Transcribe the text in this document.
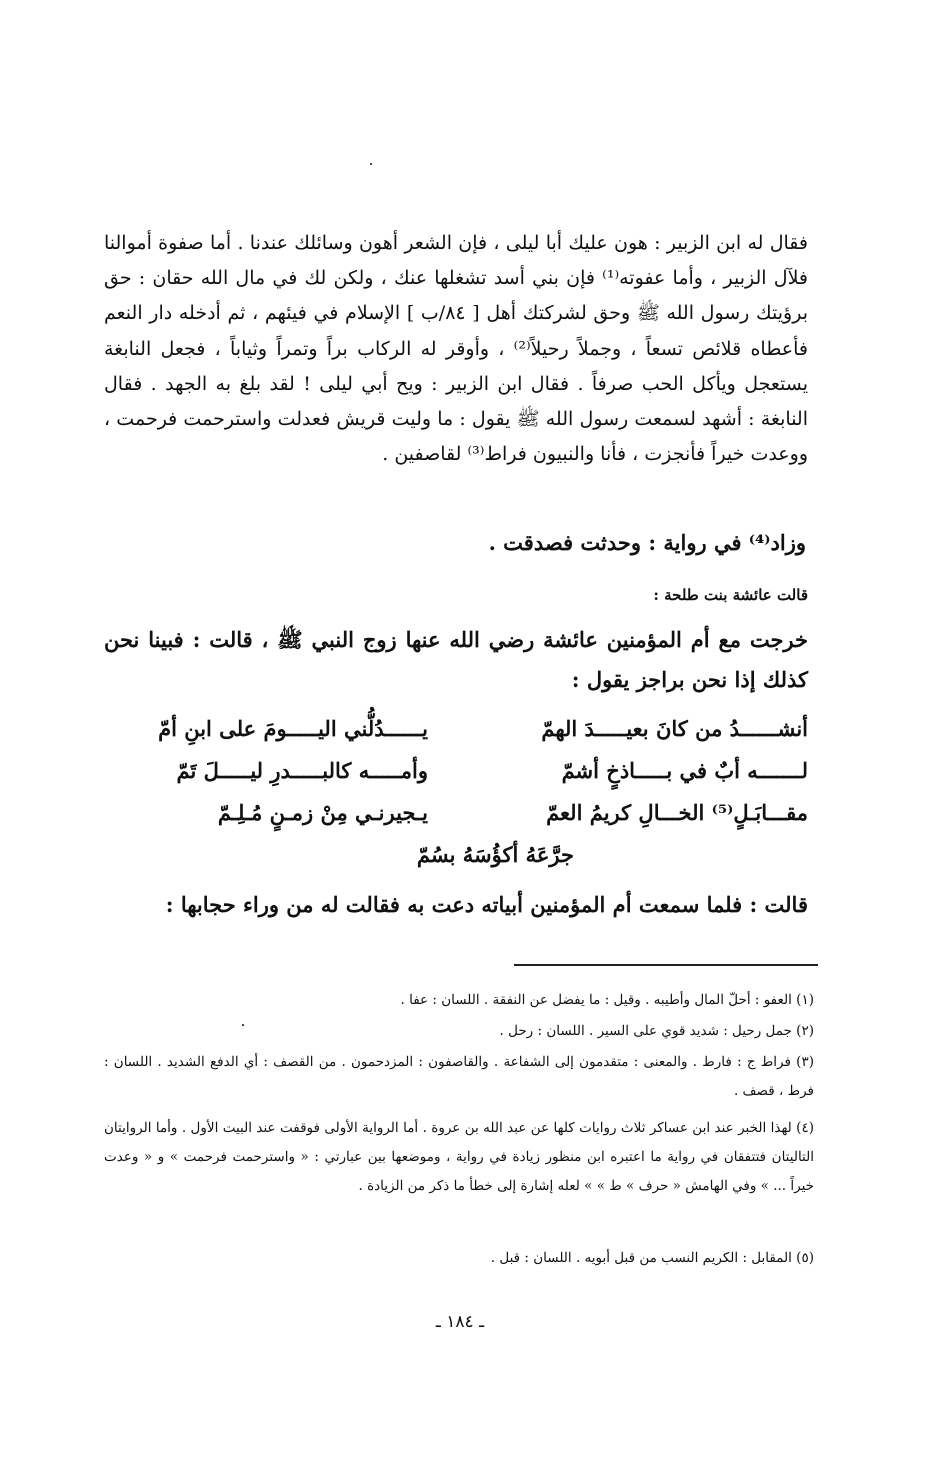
فقال له ابن الزبير : هون عليك أبا ليلى ، فإن الشعر أهون وسائلك عندنا . أما صفوة أموالنا فلآل الزبير ، وأما عفوته⁽¹⁾ فإن بني أسد تشغلها عنك ، ولكن لك في مال الله حقان : حق برؤيتك رسول الله ﷺ وحق لشركتك أهل [ ٨٤/ب ] الإسلام في فيئهم ، ثم أدخله دار النعم فأعطاه قلائص تسعاً ، وجملاً رحيلاً⁽²⁾ ، وأوقر له الركاب براً وتمراً وثياباً ، فجعل النابغة يستعجل ويأكل الحب صرفاً . فقال ابن الزبير : ويح أبي ليلى ! لقد بلغ به الجهد . فقال النابغة : أشهد لسمعت رسول الله ﷺ يقول : ما وليت قريش فعدلت واسترحمت فرحمت ، ووعدت خيراً فأنجزت ، فأنا والنبيون فراط⁽³⁾ لقاصفين .
وزاد⁽⁴⁾ في رواية : وحدثت فصدقت .
قالت عائشة بنت طلحة :
خرجت مع أم المؤمنين عائشة رضي الله عنها زوج النبي ﷺ ، قالت : فبينا نحن كذلك إذا نحن براجز يقول :
أنشــــــدُ من كانَ بعيـــــدَ الهمّ
يــــــدُلُّني اليـــــومَ على ابنِ أمّ
لـــــــه أبٌ في بـــــاذخٍ أشمّ
وأمـــــه كالبـــــدرِ ليـــــلَ تَمّ
مقـــابَـلٍ⁽⁵⁾ الخـــالِ كريمُ العمّ
يـجيرنـي مِنْ زمـنٍ مُـلِـمّ
جرَّعَهُ أكؤُسَهُ بسُمّ
قالت : فلما سمعت أم المؤمنين أبياته دعت به فقالت له من وراء حجابها :
(١) العفو : أحلّ المال وأطيبه . وقيل : ما يفضل عن النفقة . اللسان : عفا .
(٢) جمل رحيل : شديد قوي على السير . اللسان : رحل .
(٣) فراط ج : فارط . والمعنى : متقدمون إلى الشفاعة . والقاصفون : المزدحمون . من القصف : أي الدفع الشديد . اللسان : فرط ، قصف .
(٤) لهذا الخبر عند ابن عساكر ثلاث روايات كلها عن عبد الله بن عروة . أما الرواية الأولى فوقفت عند البيت الأول . وأما الروايتان التاليتان فتتفقان في رواية ما اعتبره ابن منظور زيادة في رواية ، وموضعها بين عبارتي : « واسترحمت فرحمت » و « وعدت خيراً ... » وفي الهامش « حرف » ط » » لعله إشارة إلى خطأ ما ذكر من الزيادة .
(٥) المقابل : الكريم النسب من قبل أبويه . اللسان : قبل .
ـ ١٨٤ ـ
